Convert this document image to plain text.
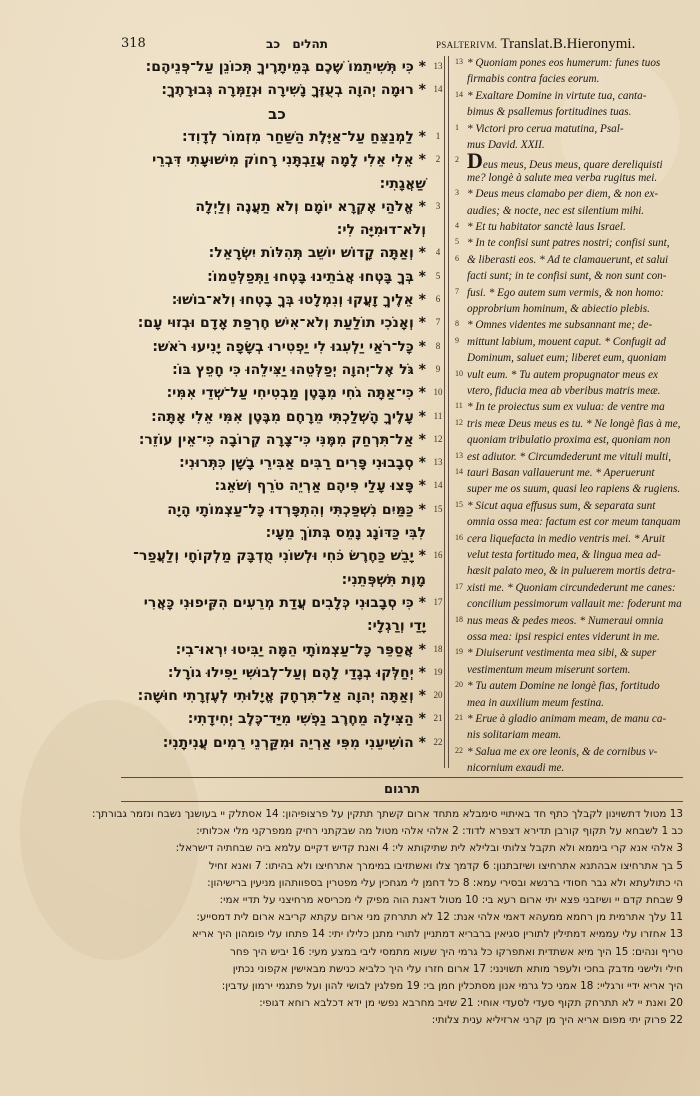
318	תהלים כב	PSALTERIVM. Translat.B.Hieronymi.
* כִּי תְּשִׁיתֵמוֹ שֶׁכֶם בְּמֵיתָרֶיךָ תְּכוֹנֵן עַל־פְּנֵיהֶם:
* רוּמָה יְהוָה בְעֻזֶּךָ נָשִׁירָה וּנְזַמְּרָה גְּבוּרָתֶךָ:
כב
* לַמְנַצֵּחַ עַל־אַיֶּלֶת הַשַּׁחַר מִזְמוֹר לְדָוִד:
* אֵלִי אֵלִי לָמָה עֲזַבְתָּנִי רָחוֹק מִישׁוּעָתִי דִּבְרֵי
שַׁאֲגָתִי:
* אֱלֹהַי אֶקְרָא יוֹמָם וְלֹא תַעֲנֶה וְלַיְלָה
וְלֹא־דוּמִיָּה לִי:
* וְאַתָּה קָדוֹשׁ יוֹשֵׁב תְּהִלּוֹת יִשְׂרָאֵל:
* בְּךָ בָּטְחוּ אֲבֹתֵינוּ בָּטְחוּ וַתְּפַלְּטֵמוֹ:
* אֵלֶיךָ זָעֲקוּ וְנִמְלָטוּ בְּךָ בָטְחוּ וְלֹא־בוֹשׁוּ:
* וְאָנֹכִי תוֹלַעַת וְלֹא־אִישׁ חֶרְפַּת אָדָם וּבְזוּי עָם:
* כָּל־רֹאַי יַלְעִגוּ לִי יַפְטִירוּ בְשָׂפָה יָנִיעוּ רֹאשׁ:
* גֹּל אֶל־יְהוָה יְפַלְּטֵהוּ יַצִּילֵהוּ כִּי חָפֵץ בּוֹ:
* כִּי־אַתָּה גֹחִי מִבָּטֶן מַבְטִיחִי עַל־שְׁדֵי אִמִּי:
* עָלֶיךָ הָשְׁלַכְתִּי מֵרָחֶם מִבֶּטֶן אִמִּי אֵלִי אָתָּה:
* אַל־תִּרְחַק מִמֶּנִּי כִּי־צָרָה קְרוֹבָה כִּי־אֵין עוֹזֵר:
* סְבָבוּנִי פָּרִים רַבִּים אַבִּירֵי בָשָׁן כִּתְּרוּנִי:
* פָּצוּ עָלַי פִּיהֶם אַרְיֵה טֹרֵף וְשֹׁאֵג:
* כַּמַּיִם נִשְׁפַּכְתִּי וְהִתְפָּרְדוּ כָּל־עַצְמוֹתָי הָיָה
לִבִּי כַּדּוֹנָג נָמֵס בְּתוֹךְ מֵעָי:
* יָבֵשׁ כַּחֶרֶשׂ כֹּחִי וּלְשׁוֹנִי מֻדְבָּק מַלְקוֹחָי וְלַעֲפַר־
מָוֶת תִּשְׁפְּתֵנִי:
* כִּי סְבָבוּנִי כְּלָבִים עֲדַת מְרֵעִים הִקִּיפוּנִי כָּאֲרִי
יָדַי וְרַגְלָי:
* אֲסַפֵּר כָּל־עַצְמוֹתָי הֵמָּה יַבִּיטוּ יִרְאוּ־בִי:
* יְחַלְּקוּ בְגָדַי לָהֶם וְעַל־לְבוּשִׁי יַפִּילוּ גוֹרָל:
* וְאַתָּה יְהוָה אַל־תִּרְחָק אֱיָלוּתִי לְעֶזְרָתִי חוּשָׁה:
* הַצִּילָה מֵחֶרֶב נַפְשִׁי מִיַּד־כֶּלֶב יְחִידָתִי:
* הוֹשִׁיעֵנִי מִפִּי אַרְיֵה וּמִקַּרְנֵי רֵמִים עֲנִיתָנִי:
13
14
1
2
3
4
5
6
7
8
9
10
11
12
13
14
15
16
17
18
19
20
21
22
* Quoniam pones eos humerum: funes tuos
13
firmabis contra facies eorum.
* Exaltare Domine in virtute tua, canta-
14
bimus & psallemus fortitudines tuas.
* Victori pro cerua matutina, Psal-
1
mus David. XXII.
Deus meus, Deus meus, quare dereliquisti
2
me? longè à salute mea verba rugitus mei.
* Deus meus clamabo per diem, & non ex-
3
audies; & nocte, nec est silentium mihi.
* Et tu habitator sanctè laus Israel.
4
* In te confisi sunt patres nostri; confisi sunt,
5
& liberasti eos. * Ad te clamauerunt, et salui
6
facti sunt; in te confisi sunt, & non sunt con-
fusi. * Ego autem sum vermis, & non homo:
7
opprobrium hominum, & abiectio plebis.
* Omnes videntes me subsannant me; de-
8
mittunt labium, mouent caput. * Confugit ad
9
Dominum, saluet eum; liberet eum, quoniam
vult eum. * Tu autem propugnator meus ex
10
vtero, fiducia mea ab vberibus matris meæ.
* In te proiectus sum ex vulua: de ventre ma
11
tris meæ Deus meus es tu. * Ne longè fias à me,
12
quoniam tribulatio proxima est, quoniam non
est adiutor. * Circumdederunt me vituli multi,
13
tauri Basan vallauerunt me. * Aperuerunt
14
super me os suum, quasi leo rapiens & rugiens.
* Sicut aqua effusus sum, & separata sunt
15
omnia ossa mea: factum est cor meum tanquam
cera liquefacta in medio ventris mei. * Aruit
16
velut testa fortitudo mea, & lingua mea ad-
hæsit palato meo, & in puluerem mortis detra-
xisti me. * Quoniam circundederunt me canes:
17
concilium pessimorum vallauit me: foderunt ma
nus meas & pedes meos. * Numeraui omnia
18
ossa mea: ipsi respici entes viderunt in me.
* Diuiserunt vestimenta mea sibi, & super
19
vestimentum meum miserunt sortem.
* Tu autem Domine ne longè fias, fortitudo
20
mea in auxilium meum festina.
* Erue à gladio animam meam, de manu ca-
21
nis solitariam meam.
* Salua me ex ore leonis, & de cornibus v-
22
nicornium exaudi me.
תרגום
13 מטול דתשוינון לקבלך כתף חד באיתויי סימבלא מתחד ארום קשתך תתקין על פרצופיהון: 14 אסתלק יי בעושנך נשבח ונזמר גבורתך:
כב 1 לשבחא על תקוף קורבן תדירא דצפרא לדוד: 2 אלהי אלהי מטול מה שבקתני רחיק ממפרקני מלי אכלותי:
3 אלהי אנא קרי ביממא ולא תקבל צלותי ובלילא לית שתיקותא לי: 4 ואנת קדיש דקיים עלמא ביה שבחתיה דישראל:
5 בך אתרחיצו אבהתנא אתרחיצו ושיזבתנון: 6 קדמך צלו ואשתזיבו במימרך אתרחיצו ולא בהיתו: 7 ואנא זחיל
הי כתולעתא ולא גבר חסודי ברנשא ובסירי עמא: 8 כל דחמן לי מגחכין עלי מפטרין בספוותהון מניעין ברישיהון:
9 שבחת קדם יי ושיזבני פצא יתי ארום רעא בי: 10 מטול דאנת הוה מפיק לי מכריסא מרחיצני על תדיי אמי:
11 עלך אתרמית מן רחמא ממעהא דאמי אלהי אנת: 12 לא תתרחק מני ארום עקתא קריבא ארום לית דמסייע:
13 אחזרו עלי עממיא דמתילין לתורין סגיאין ברבריא דמתניין לתורי מתנן כלילו יתי: 14 פתחו עלי פומהון היך אריא
טריף ונהים: 15 היך מיא אשתדית ואתפרקו כל גרמי היך שעוא מתמסי ליבי במצע מעי: 16 יביש היך פחר
חילי ולישני מדבק בחכי ולעפר מותא תשוינני: 17 ארום חזרו עלי היך כלביא כנישת מבאישין אקפוני נכתין
היך אריא ידיי ורגליי: 18 אמני כל גרמי אנון מסתכלין חמן בי: 19 מפלגין לבושי להון ועל פתגמי ירמון עדבין:
20 ואנת יי לא תתרחק תקוף סעדי לסעדי אוחי: 21 שזיב מחרבא נפשי מן ידא דכלבא רוחא דגופי:
22 פרוק יתי מפום אריא היך מן קרני ארזיליא ענית צלותי:
